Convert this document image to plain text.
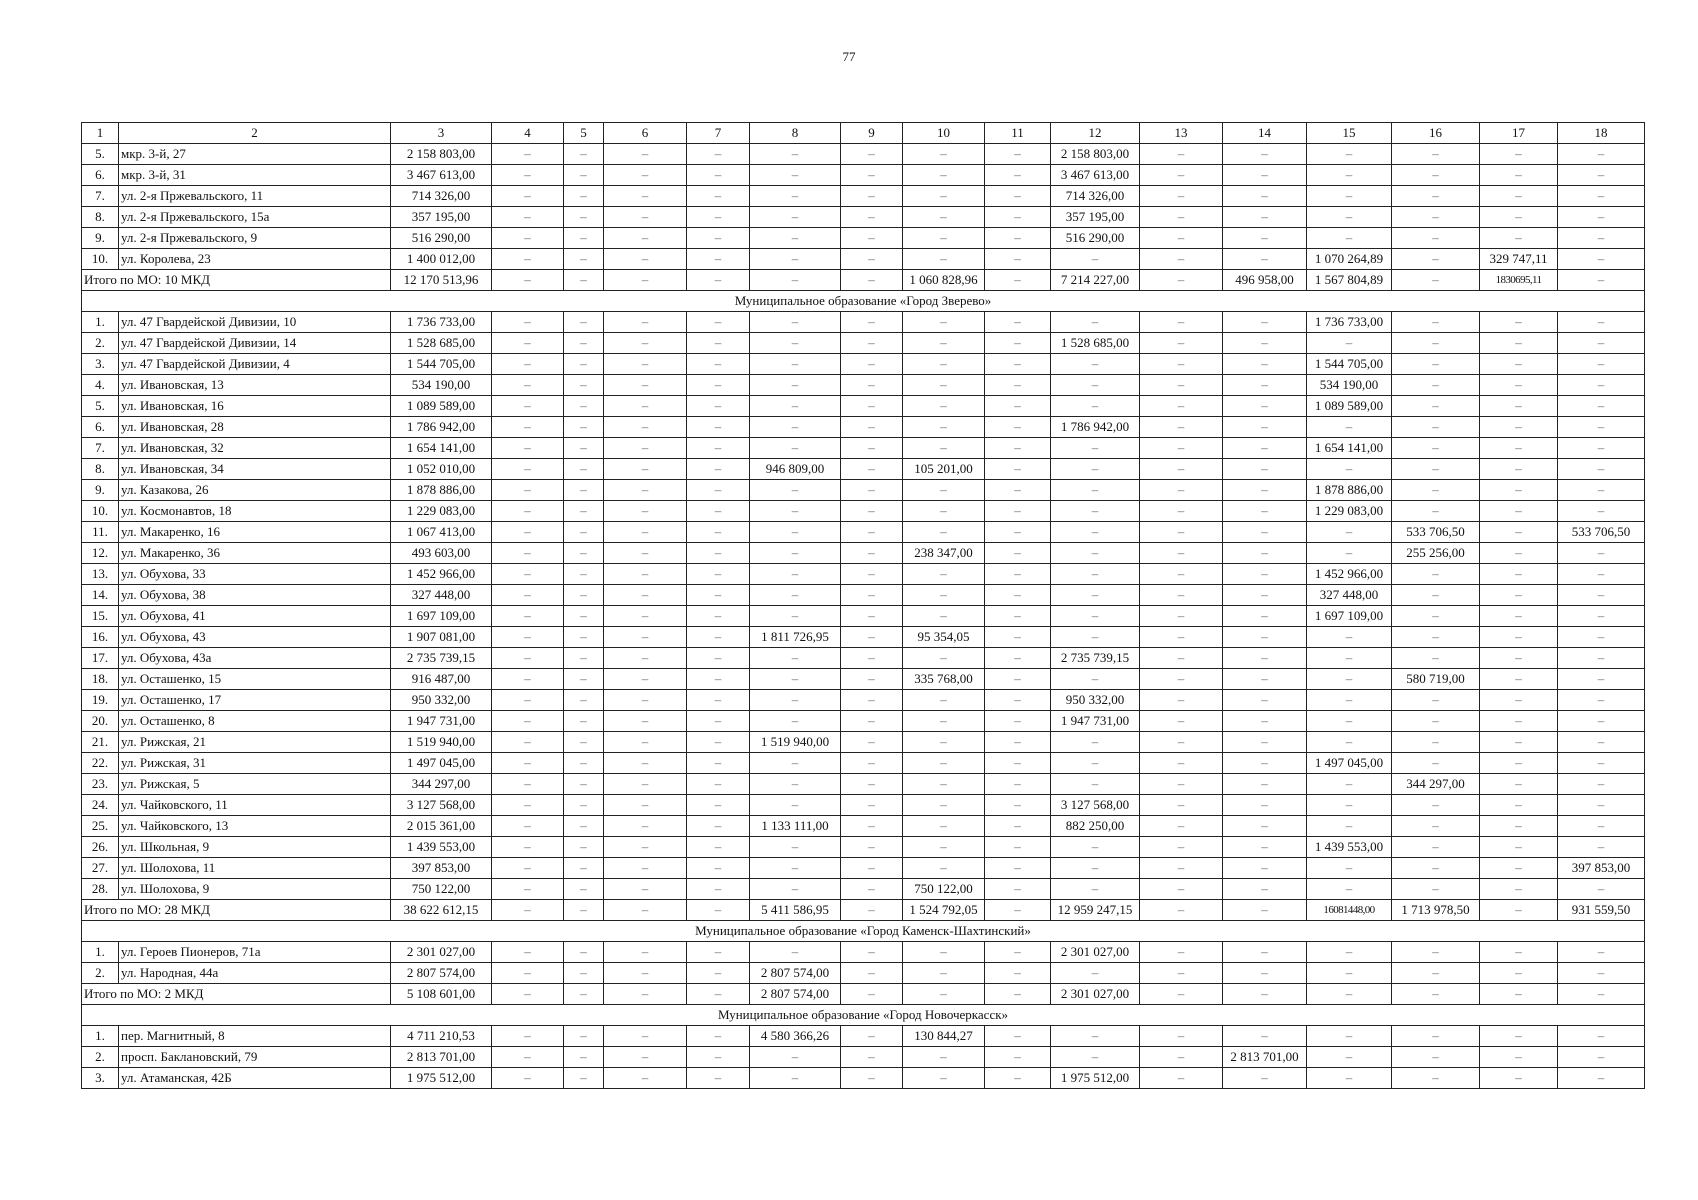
77
1	2	3	4	5	6	7	8	9	10	11	12	13	14	15	16	17	18
5.	мкр. 3-й, 27	2 158 803,00	–	–	–	–	–	–	–	–	2 158 803,00	–	–	–	–	–	–
6.	мкр. 3-й, 31	3 467 613,00	–	–	–	–	–	–	–	–	3 467 613,00	–	–	–	–	–	–
7.	ул. 2-я Пржевальского, 11	714 326,00	–	–	–	–	–	–	–	–	714 326,00	–	–	–	–	–	–
8.	ул. 2-я Пржевальского, 15а	357 195,00	–	–	–	–	–	–	–	–	357 195,00	–	–	–	–	–	–
9.	ул. 2-я Пржевальского, 9	516 290,00	–	–	–	–	–	–	–	–	516 290,00	–	–	–	–	–	–
10.	ул. Королева, 23	1 400 012,00	–	–	–	–	–	–	–	–	–	–	–	1 070 264,89	–	329 747,11	–
Итого по МО: 10 МКД		12 170 513,96	–	–	–	–	–	–	1 060 828,96	–	7 214 227,00	–	496 958,00	1 567 804,89	–	1830695,11	–
Муниципальное образование «Город Зверево»																	
1.	ул. 47 Гвардейской Дивизии, 10	1 736 733,00	–	–	–	–	–	–	–	–	–	–	–	1 736 733,00	–	–	–
2.	ул. 47 Гвардейской Дивизии, 14	1 528 685,00	–	–	–	–	–	–	–	–	1 528 685,00	–	–	–	–	–	–
3.	ул. 47 Гвардейской Дивизии, 4	1 544 705,00	–	–	–	–	–	–	–	–	–	–	–	1 544 705,00	–	–	–
4.	ул. Ивановская, 13	534 190,00	–	–	–	–	–	–	–	–	–	–	–	534 190,00	–	–	–
5.	ул. Ивановская, 16	1 089 589,00	–	–	–	–	–	–	–	–	–	–	–	1 089 589,00	–	–	–
6.	ул. Ивановская, 28	1 786 942,00	–	–	–	–	–	–	–	–	1 786 942,00	–	–	–	–	–	–
7.	ул. Ивановская, 32	1 654 141,00	–	–	–	–	–	–	–	–	–	–	–	1 654 141,00	–	–	–
8.	ул. Ивановская, 34	1 052 010,00	–	–	–	–	946 809,00	–	105 201,00	–	–	–	–	–	–	–	–
9.	ул. Казакова, 26	1 878 886,00	–	–	–	–	–	–	–	–	–	–	–	1 878 886,00	–	–	–
10.	ул. Космонавтов, 18	1 229 083,00	–	–	–	–	–	–	–	–	–	–	–	1 229 083,00	–	–	–
11.	ул. Макаренко, 16	1 067 413,00	–	–	–	–	–	–	–	–	–	–	–	–	533 706,50	–	533 706,50
12.	ул. Макаренко, 36	493 603,00	–	–	–	–	–	–	238 347,00	–	–	–	–	–	255 256,00	–	–
13.	ул. Обухова, 33	1 452 966,00	–	–	–	–	–	–	–	–	–	–	–	1 452 966,00	–	–	–
14.	ул. Обухова, 38	327 448,00	–	–	–	–	–	–	–	–	–	–	–	327 448,00	–	–	–
15.	ул. Обухова, 41	1 697 109,00	–	–	–	–	–	–	–	–	–	–	–	1 697 109,00	–	–	–
16.	ул. Обухова, 43	1 907 081,00	–	–	–	–	1 811 726,95	–	95 354,05	–	–	–	–	–	–	–	–
17.	ул. Обухова, 43а	2 735 739,15	–	–	–	–	–	–	–	–	2 735 739,15	–	–	–	–	–	–
18.	ул. Осташенко, 15	916 487,00	–	–	–	–	–	–	335 768,00	–	–	–	–	–	580 719,00	–	–
19.	ул. Осташенко, 17	950 332,00	–	–	–	–	–	–	–	–	950 332,00	–	–	–	–	–	–
20.	ул. Осташенко, 8	1 947 731,00	–	–	–	–	–	–	–	–	1 947 731,00	–	–	–	–	–	–
21.	ул. Рижская, 21	1 519 940,00	–	–	–	–	1 519 940,00	–	–	–	–	–	–	–	–	–	–
22.	ул. Рижская, 31	1 497 045,00	–	–	–	–	–	–	–	–	–	–	–	1 497 045,00	–	–	–
23.	ул. Рижская, 5	344 297,00	–	–	–	–	–	–	–	–	–	–	–	–	344 297,00	–	–
24.	ул. Чайковского, 11	3 127 568,00	–	–	–	–	–	–	–	–	3 127 568,00	–	–	–	–	–	–
25.	ул. Чайковского, 13	2 015 361,00	–	–	–	–	1 133 111,00	–	–	–	882 250,00	–	–	–	–	–	–
26.	ул. Школьная, 9	1 439 553,00	–	–	–	–	–	–	–	–	–	–	–	1 439 553,00	–	–	–
27.	ул. Шолохова, 11	397 853,00	–	–	–	–	–	–	–	–	–	–	–	–	–	–	397 853,00
28.	ул. Шолохова, 9	750 122,00	–	–	–	–	–	–	750 122,00	–	–	–	–	–	–	–	–
Итого по МО: 28 МКД		38 622 612,15	–	–	–	–	5 411 586,95	–	1 524 792,05	–	12 959 247,15	–	–	16081448,00	1 713 978,50	–	931 559,50
Муниципальное образование «Город Каменск-Шахтинский»																	
1.	ул. Героев Пионеров, 71а	2 301 027,00	–	–	–	–	–	–	–	–	2 301 027,00	–	–	–	–	–	–
2.	ул. Народная, 44а	2 807 574,00	–	–	–	–	2 807 574,00	–	–	–	–	–	–	–	–	–	–
Итого по МО: 2 МКД		5 108 601,00	–	–	–	–	2 807 574,00	–	–	–	2 301 027,00	–	–	–	–	–	–
Муниципальное образование «Город Новочеркасск»																	
1.	пер. Магнитный, 8	4 711 210,53	–	–	–	–	4 580 366,26	–	130 844,27	–	–	–	–	–	–	–	–
2.	просп. Баклановский, 79	2 813 701,00	–	–	–	–	–	–	–	–	–	–	2 813 701,00	–	–	–	–
3.	ул. Атаманская, 42Б	1 975 512,00	–	–	–	–	–	–	–	–	1 975 512,00	–	–	–	–	–	–
